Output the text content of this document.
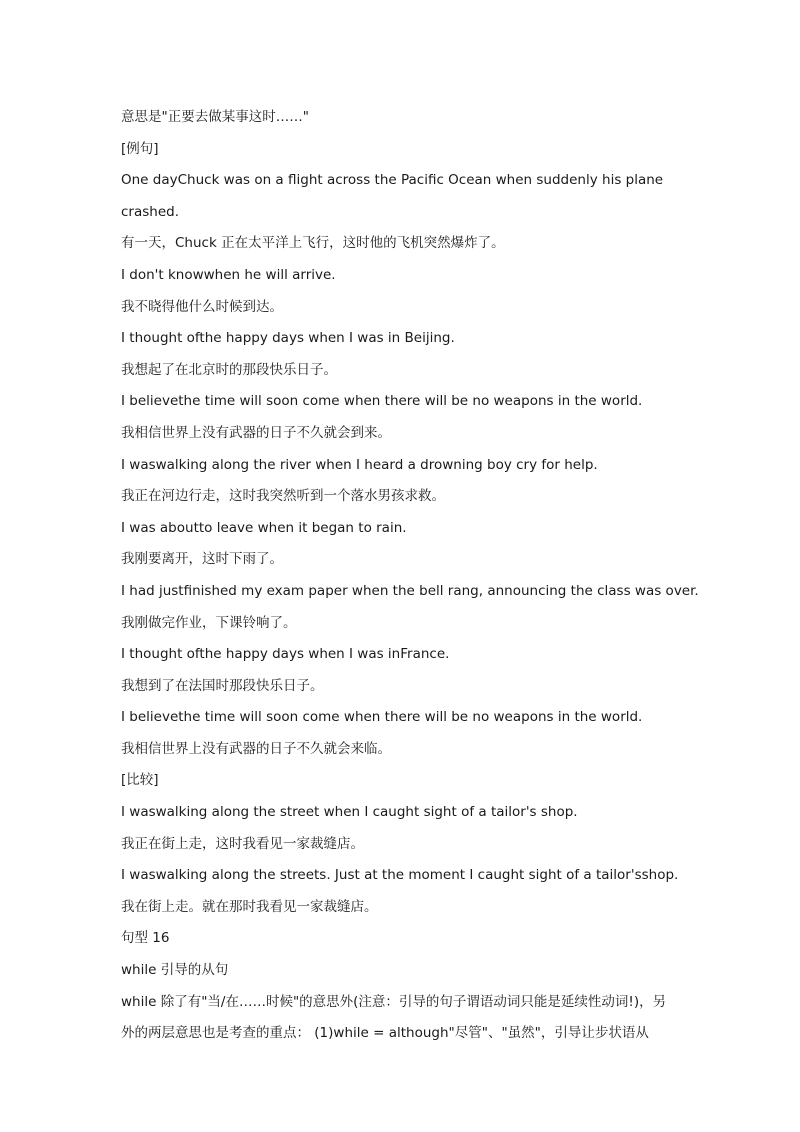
意思是"正要去做某事这时……"
[例句]
One dayChuck was on a flight across the Pacific Ocean when suddenly his plane
crashed.
有一天，Chuck 正在太平洋上飞行，这时他的飞机突然爆炸了。
I don't knowwhen he will arrive.
我不晓得他什么时候到达。
I thought ofthe happy days when I was in Beijing.
我想起了在北京时的那段快乐日子。
I believethe time will soon come when there will be no weapons in the world.
我相信世界上没有武器的日子不久就会到来。
I waswalking along the river when I heard a drowning boy cry for help.
我正在河边行走，这时我突然听到一个落水男孩求救。
I was aboutto leave when it began to rain.
我刚要离开，这时下雨了。
I had justfinished my exam paper when the bell rang, announcing the class was over.
我刚做完作业，下课铃响了。
I thought ofthe happy days when I was inFrance.
我想到了在法国时那段快乐日子。
I believethe time will soon come when there will be no weapons in the world.
我相信世界上没有武器的日子不久就会来临。
[比较]
I waswalking along the street when I caught sight of a tailor's shop.
我正在街上走，这时我看见一家裁缝店。
I waswalking along the streets. Just at the moment I caught sight of a tailor'sshop.
我在街上走。就在那时我看见一家裁缝店。
句型 16
while 引导的从句
while 除了有"当/在……时候"的意思外(注意：引导的句子谓语动词只能是延续性动词!)，另
外的两层意思也是考查的重点： (1)while = although"尽管"、"虽然"，引导让步状语从
